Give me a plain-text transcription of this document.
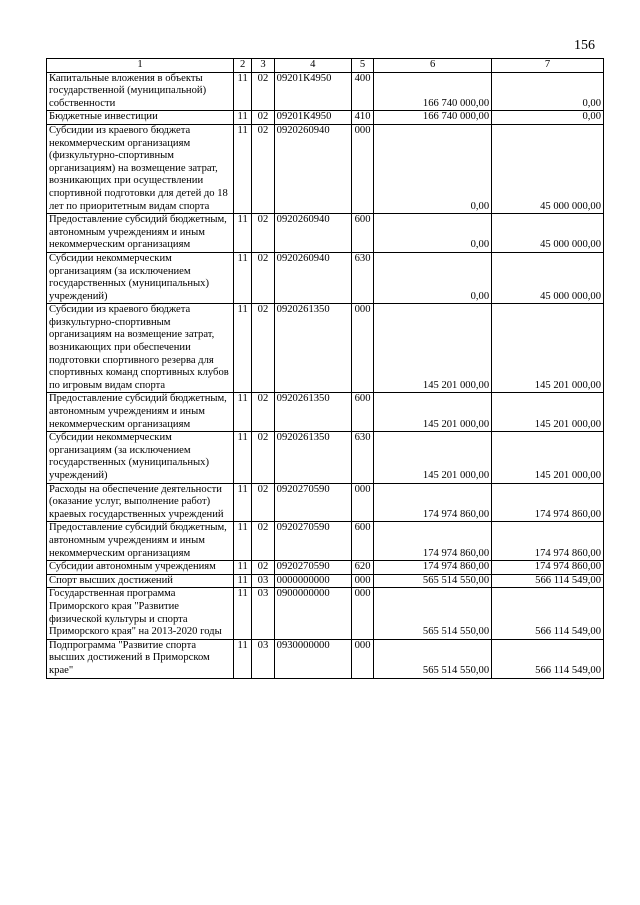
156
1	2	3	4	5	6	7
Капитальные вложения в объекты государственной (муниципальной) собственности	11	02	09201К4950	400	166 740 000,00	0,00
Бюджетные инвестиции	11	02	09201К4950	410	166 740 000,00	0,00
Субсидии из краевого бюджета некоммерческим организациям (физкультурно-спортивным организациям) на возмещение затрат, возникающих при осуществлении спортивной подготовки для детей до 18 лет по приоритетным видам спорта	11	02	0920260940	000	0,00	45 000 000,00
Предоставление субсидий бюджетным, автономным учреждениям и иным некоммерческим организациям	11	02	0920260940	600	0,00	45 000 000,00
Субсидии некоммерческим организациям (за исключением государственных (муниципальных) учреждений)	11	02	0920260940	630	0,00	45 000 000,00
Субсидии из краевого бюджета физкультурно-спортивным организациям на возмещение затрат, возникающих при обеспечении подготовки спортивного резерва для спортивных команд спортивных клубов по игровым видам спорта	11	02	0920261350	000	145 201 000,00	145 201 000,00
Предоставление субсидий бюджетным, автономным учреждениям и иным некоммерческим организациям	11	02	0920261350	600	145 201 000,00	145 201 000,00
Субсидии некоммерческим организациям (за исключением государственных (муниципальных) учреждений)	11	02	0920261350	630	145 201 000,00	145 201 000,00
Расходы на обеспечение деятельности (оказание услуг, выполнение работ) краевых государственных учреждений	11	02	0920270590	000	174 974 860,00	174 974 860,00
Предоставление субсидий бюджетным, автономным учреждениям и иным некоммерческим организациям	11	02	0920270590	600	174 974 860,00	174 974 860,00
Субсидии автономным учреждениям	11	02	0920270590	620	174 974 860,00	174 974 860,00
Спорт высших достижений	11	03	0000000000	000	565 514 550,00	566 114 549,00
Государственная программа Приморского края "Развитие физической культуры и спорта Приморского края" на 2013-2020 годы	11	03	0900000000	000	565 514 550,00	566 114 549,00
Подпрограмма "Развитие спорта высших достижений в Приморском крае"	11	03	0930000000	000	565 514 550,00	566 114 549,00
